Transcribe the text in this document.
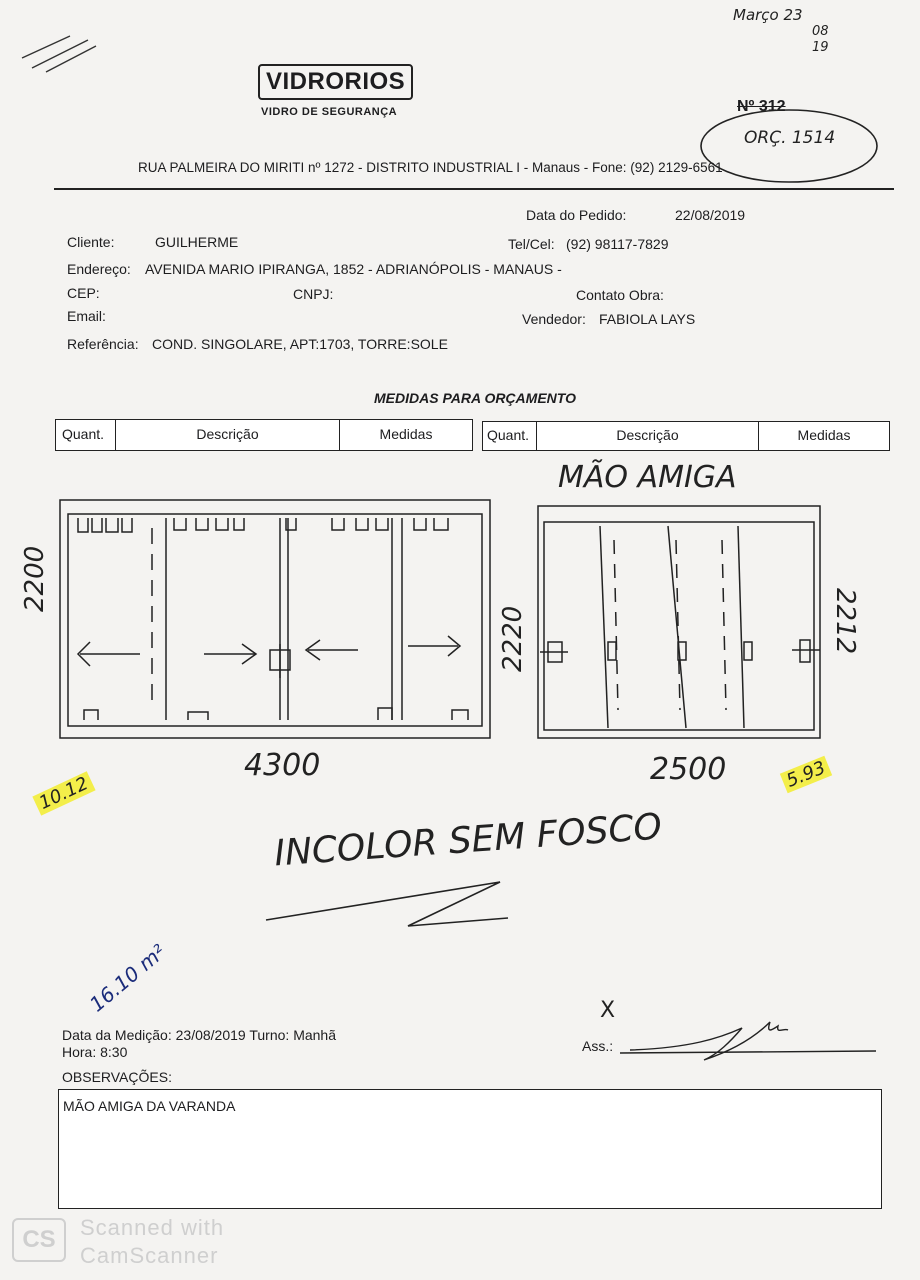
Março 23
08
19
VIDRORIOS
VIDRO DE SEGURANÇA	Nº 312
ORÇ. 1514
RUA PALMEIRA DO MIRITI nº 1272 - DISTRITO INDUSTRIAL I - Manaus - Fone: (92) 2129-6561
Data do Pedido:	22/08/2019
Cliente:	GUILHERME	Tel/Cel: (92) 98117-7829
Endereço: AVENIDA MARIO IPIRANGA, 1852 - ADRIANÓPOLIS - MANAUS -
CEP:	CNPJ:	Contato Obra:
Email:	Vendedor: FABIOLA LAYS
Referência: COND. SINGOLARE, APT:1703, TORRE:SOLE
MEDIDAS PARA ORÇAMENTO
Quant.	Descrição	Medidas	Quant.	Descrição	Medidas
2200
4300
10.12
MÃO AMIGA
2220	2212
2500	5.93
INCOLOR SEM FOSCO
16.10 m²
Data da Medição: 23/08/2019 Turno: Manhã
Hora: 8:30
X
Ass.:
OBSERVAÇÕES:
MÃO AMIGA DA VARANDA
CS	Scanned with
CamScanner
